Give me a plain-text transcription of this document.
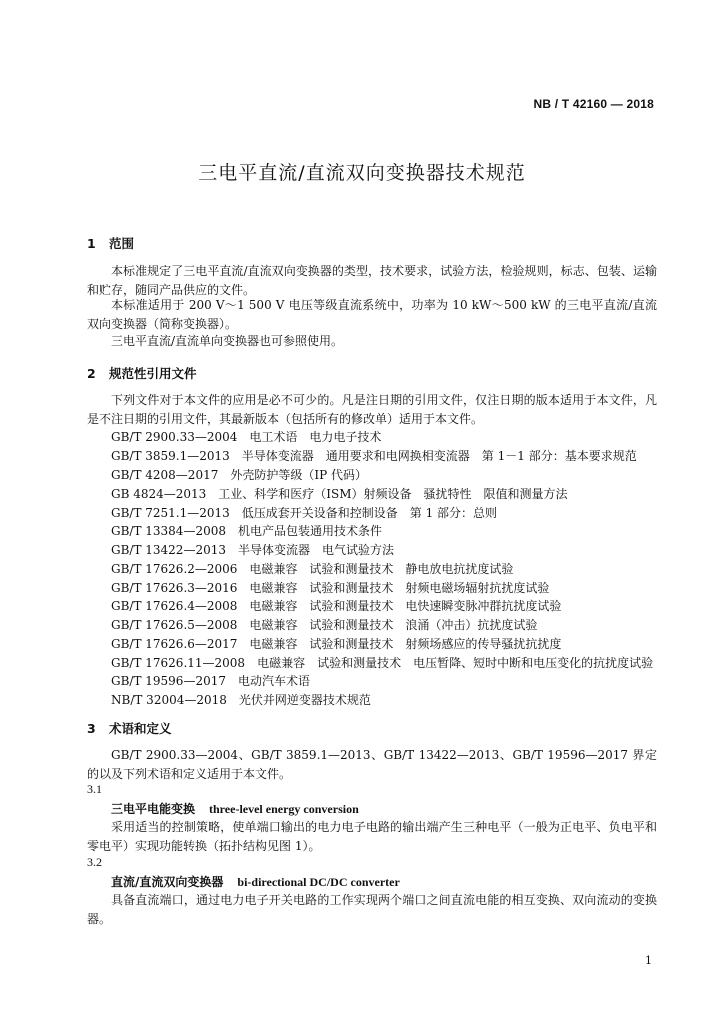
NB / T 42160 — 2018
三电平直流/直流双向变换器技术规范
1 范围

本标准规定了三电平直流/直流双向变换器的类型，技术要求，试验方法，检验规则，标志、包装、运输和贮存，随同产品供应的文件。

本标准适用于 200 V～1 500 V 电压等级直流系统中，功率为 10 kW～500 kW 的三电平直流/直流双向变换器（简称变换器）。

三电平直流/直流单向变换器也可参照使用。

2 规范性引用文件

下列文件对于本文件的应用是必不可少的。凡是注日期的引用文件，仅注日期的版本适用于本文件，凡是不注日期的引用文件，其最新版本（包括所有的修改单）适用于本文件。

GB/T 2900.33—2004　电工术语　电力电子技术
GB/T 3859.1—2013　半导体变流器　通用要求和电网换相变流器　第 1－1 部分：基本要求规范
GB/T 4208—2017　外壳防护等级（IP 代码）
GB 4824—2013　工业、科学和医疗（ISM）射频设备　骚扰特性　限值和测量方法
GB/T 7251.1—2013　低压成套开关设备和控制设备　第 1 部分：总则
GB/T 13384—2008　机电产品包装通用技术条件
GB/T 13422—2013　半导体变流器　电气试验方法
GB/T 17626.2—2006　电磁兼容　试验和测量技术　静电放电抗扰度试验
GB/T 17626.3—2016　电磁兼容　试验和测量技术　射频电磁场辐射抗扰度试验
GB/T 17626.4—2008　电磁兼容　试验和测量技术　电快速瞬变脉冲群抗扰度试验
GB/T 17626.5—2008　电磁兼容　试验和测量技术　浪涌（冲击）抗扰度试验
GB/T 17626.6—2017　电磁兼容　试验和测量技术　射频场感应的传导骚扰抗扰度
GB/T 17626.11—2008　电磁兼容　试验和测量技术　电压暂降、短时中断和电压变化的抗扰度试验
GB/T 19596—2017　电动汽车术语
NB/T 32004—2018　光伏并网逆变器技术规范
3 术语和定义

GB/T 2900.33—2004、GB/T 3859.1—2013、GB/T 13422—2013、GB/T 19596—2017 界定的以及下列术语和定义适用于本文件。

3.1
三电平电能变换 three-level energy conversion

采用适当的控制策略，使单端口输出的电力电子电路的输出端产生三种电平（一般为正电平、负电平和零电平）实现功能转换（拓扑结构见图 1）。

3.2
直流/直流双向变换器 bi-directional DC/DC converter

具备直流端口，通过电力电子开关电路的工作实现两个端口之间直流电能的相互变换、双向流动的变换器。

1
